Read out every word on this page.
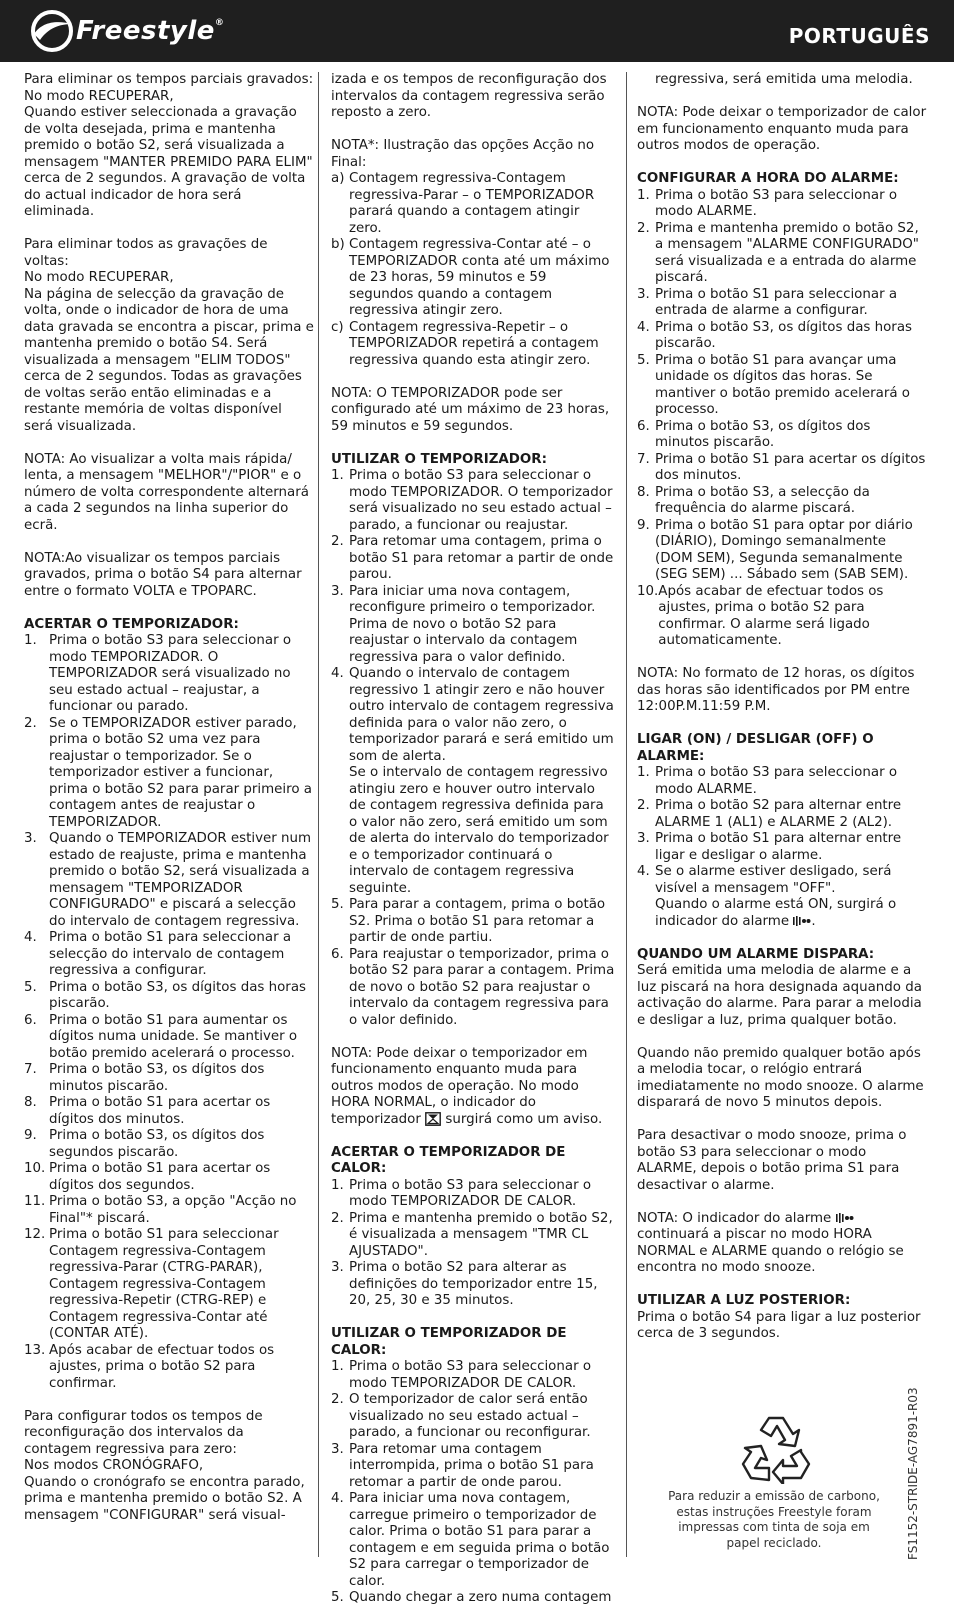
Freestyle®
PORTUGUÊS

Para eliminar os tempos parciais gravados:
No modo RECUPERAR,
Quando estiver seleccionada a gravação de volta desejada, prima e mantenha premido o botão S2, será visualizada a mensagem "MANTER PREMIDO PARA ELIM" cerca de 2 segundos. A gravação de volta do actual indicador de hora será eliminada.

Para eliminar todos as gravações de voltas:
No modo RECUPERAR,
Na página de selecção da gravação de volta, onde o indicador de hora de uma data gravada se encontra a piscar, prima e mantenha premido o botão S4. Será visualizada a mensagem "ELIM TODOS" cerca de 2 segundos. Todas as gravações de voltas serão então eliminadas e a restante memória de voltas disponível será visualizada.

NOTA: Ao visualizar a volta mais rápida/ lenta, a mensagem "MELHOR"/"PIOR" e o número de volta correspondente alternará a cada 2 segundos na linha superior do ecrã.

NOTA:Ao visualizar os tempos parciais gravados, prima o botão S4 para alternar entre o formato VOLTA e TPOPARC.

ACERTAR O TEMPORIZADOR:
1. Prima o botão S3 para seleccionar o modo TEMPORIZADOR. O TEMPORIZADOR será visualizado no seu estado actual – reajustar, a funcionar ou parado.
2. Se o TEMPORIZADOR estiver parado, prima o botão S2 uma vez para reajustar o temporizador. Se o temporizador estiver a funcionar, prima o botão S2 para parar primeiro a contagem antes de reajustar o TEMPORIZADOR.
3. Quando o TEMPORIZADOR estiver num estado de reajuste, prima e mantenha premido o botão S2, será visualizada a mensagem "TEMPORIZADOR CONFIGURADO" e piscará a selecção do intervalo de contagem regressiva.
4. Prima o botão S1 para seleccionar a selecção do intervalo de contagem regressiva a configurar.
5. Prima o botão S3, os dígitos das horas piscarão.
6. Prima o botão S1 para aumentar os dígitos numa unidade. Se mantiver o botão premido acelerará o processo.
7. Prima o botão S3, os dígitos dos minutos piscarão.
8. Prima o botão S1 para acertar os dígitos dos minutos.
9. Prima o botão S3, os dígitos dos segundos piscarão.
10. Prima o botão S1 para acertar os dígitos dos segundos.
11. Prima o botão S3, a opção "Acção no Final"* piscará.
12. Prima o botão S1 para seleccionar Contagem regressiva-Contagem regressiva-Parar (CTRG-PARAR), Contagem regressiva-Contagem regressiva-Repetir (CTRG-REP) e Contagem regressiva-Contar até (CONTAR ATÉ).
13. Após acabar de efectuar todos os ajustes, prima o botão S2 para confirmar.

Para configurar todos os tempos de reconfiguração dos intervalos da contagem regressiva para zero:
Nos modos CRONÓGRAFO,
Quando o cronógrafo se encontra parado, prima e mantenha premido o botão S2. A mensagem "CONFIGURAR" será visual-

izada e os tempos de reconfiguração dos intervalos da contagem regressiva serão reposto a zero.

NOTA*: Ilustração das opções Acção no Final:

a) Contagem regressiva-Contagem regressiva-Parar – o TEMPORIZADOR parará quando a contagem atingir zero.
b) Contagem regressiva-Contar até – o TEMPORIZADOR conta até um máximo de 23 horas, 59 minutos e 59 segundos quando a contagem regressiva atingir zero.
c) Contagem regressiva-Repetir – o TEMPORIZADOR repetirá a contagem regressiva quando esta atingir zero.

NOTA: O TEMPORIZADOR pode ser configurado até um máximo de 23 horas, 59 minutos e 59 segundos.

UTILIZAR O TEMPORIZADOR:
1. Prima o botão S3 para seleccionar o modo TEMPORIZADOR. O temporizador será visualizado no seu estado actual – parado, a funcionar ou reajustar.
2. Para retomar uma contagem, prima o botão S1 para retomar a partir de onde parou.
3. Para iniciar uma nova contagem, reconfigure primeiro o temporizador. Prima de novo o botão S2 para reajustar o intervalo da contagem regressiva para o valor definido.
4. Quando o intervalo de contagem regressivo 1 atingir zero e não houver outro intervalo de contagem regressiva definida para o valor não zero, o temporizador parará e será emitido um som de alerta.
Se o intervalo de contagem regressivo atingiu zero e houver outro intervalo de contagem regressiva definida para o valor não zero, será emitido um som de alerta do intervalo do temporizador e o temporizador continuará o intervalo de contagem regressiva seguinte.
5. Para parar a contagem, prima o botão S2. Prima o botão S1 para retomar a partir de onde partiu.
6. Para reajustar o temporizador, prima o botão S2 para parar a contagem. Prima de novo o botão S2 para reajustar o intervalo da contagem regressiva para o valor definido.

NOTA: Pode deixar o temporizador em funcionamento enquanto muda para outros modos de operação. No modo HORA NORMAL, o indicador do temporizador surgirá como um aviso.

ACERTAR O TEMPORIZADOR DE CALOR:
1. Prima o botão S3 para seleccionar o modo TEMPORIZADOR DE CALOR.
2. Prima e mantenha premido o botão S2, é visualizada a mensagem "TMR CL AJUSTADO".
3. Prima o botão S2 para alterar as definições do temporizador entre 15, 20, 25, 30 e 35 minutos.
UTILIZAR O TEMPORIZADOR DE CALOR:
1. Prima o botão S3 para seleccionar o modo TEMPORIZADOR DE CALOR.
2. O temporizador de calor será então visualizado no seu estado actual – parado, a funcionar ou reconfigurar.
3. Para retomar uma contagem interrompida, prima o botão S1 para retomar a partir de onde parou.
4. Para iniciar uma nova contagem, carregue primeiro o temporizador de calor. Prima o botão S1 para parar a contagem e em seguida prima o botão S2 para carregar o temporizador de calor.
5. Quando chegar a zero numa contagem

regressiva, será emitida uma melodia.

NOTA: Pode deixar o temporizador de calor em funcionamento enquanto muda para outros modos de operação.

CONFIGURAR A HORA DO ALARME:
1. Prima o botão S3 para seleccionar o modo ALARME.
2. Prima e mantenha premido o botão S2, a mensagem "ALARME CONFIGURADO" será visualizada e a entrada do alarme piscará.
3. Prima o botão S1 para seleccionar a entrada de alarme a configurar.
4. Prima o botão S3, os dígitos das horas piscarão.
5. Prima o botão S1 para avançar uma unidade os dígitos das horas. Se mantiver o botão premido acelerará o processo.
6. Prima o botão S3, os dígitos dos minutos piscarão.
7. Prima o botão S1 para acertar os dígitos dos minutos.
8. Prima o botão S3, a selecção da frequência do alarme piscará.
9. Prima o botão S1 para optar por diário (DIÁRIO), Domingo semanalmente (DOM SEM), Segunda semanalmente (SEG SEM) ... Sábado sem (SAB SEM).
10. Após acabar de efectuar todos os ajustes, prima o botão S2 para confirmar. O alarme será ligado automaticamente.

NOTA: No formato de 12 horas, os dígitos das horas são identificados por PM entre 12:00P.M.11:59 P.M.

LIGAR (ON) / DESLIGAR (OFF) O ALARME:
1. Prima o botão S3 para seleccionar o modo ALARME.
2. Prima o botão S2 para alternar entre ALARME 1 (AL1) e ALARME 2 (AL2).
3. Prima o botão S1 para alternar entre ligar e desligar o alarme.
4. Se o alarme estiver desligado, será visível a mensagem "OFF".
Quando o alarme está ON, surgirá o indicador do alarme .
QUANDO UM ALARME DISPARA:

Será emitida uma melodia de alarme e a luz piscará na hora designada aquando da activação do alarme. Para parar a melodia e desligar a luz, prima qualquer botão.

Quando não premido qualquer botão após a melodia tocar, o relógio entrará imediatamente no modo snooze. O alarme disparará de novo 5 minutos depois.

Para desactivar o modo snooze, prima o botão S3 para seleccionar o modo ALARME, depois o botão prima S1 para desactivar o alarme.

NOTA: O indicador do alarme  continuará a piscar no modo HORA NORMAL e ALARME quando o relógio se encontra no modo snooze.

UTILIZAR A LUZ POSTERIOR:

Prima o botão S4 para ligar a luz posterior cerca de 3 segundos.

FS1152-STRIDE-AG7891-R03
Para reduzir a emissão de carbono, estas instruções Freestyle foram impressas com tinta de soja em papel reciclado.
